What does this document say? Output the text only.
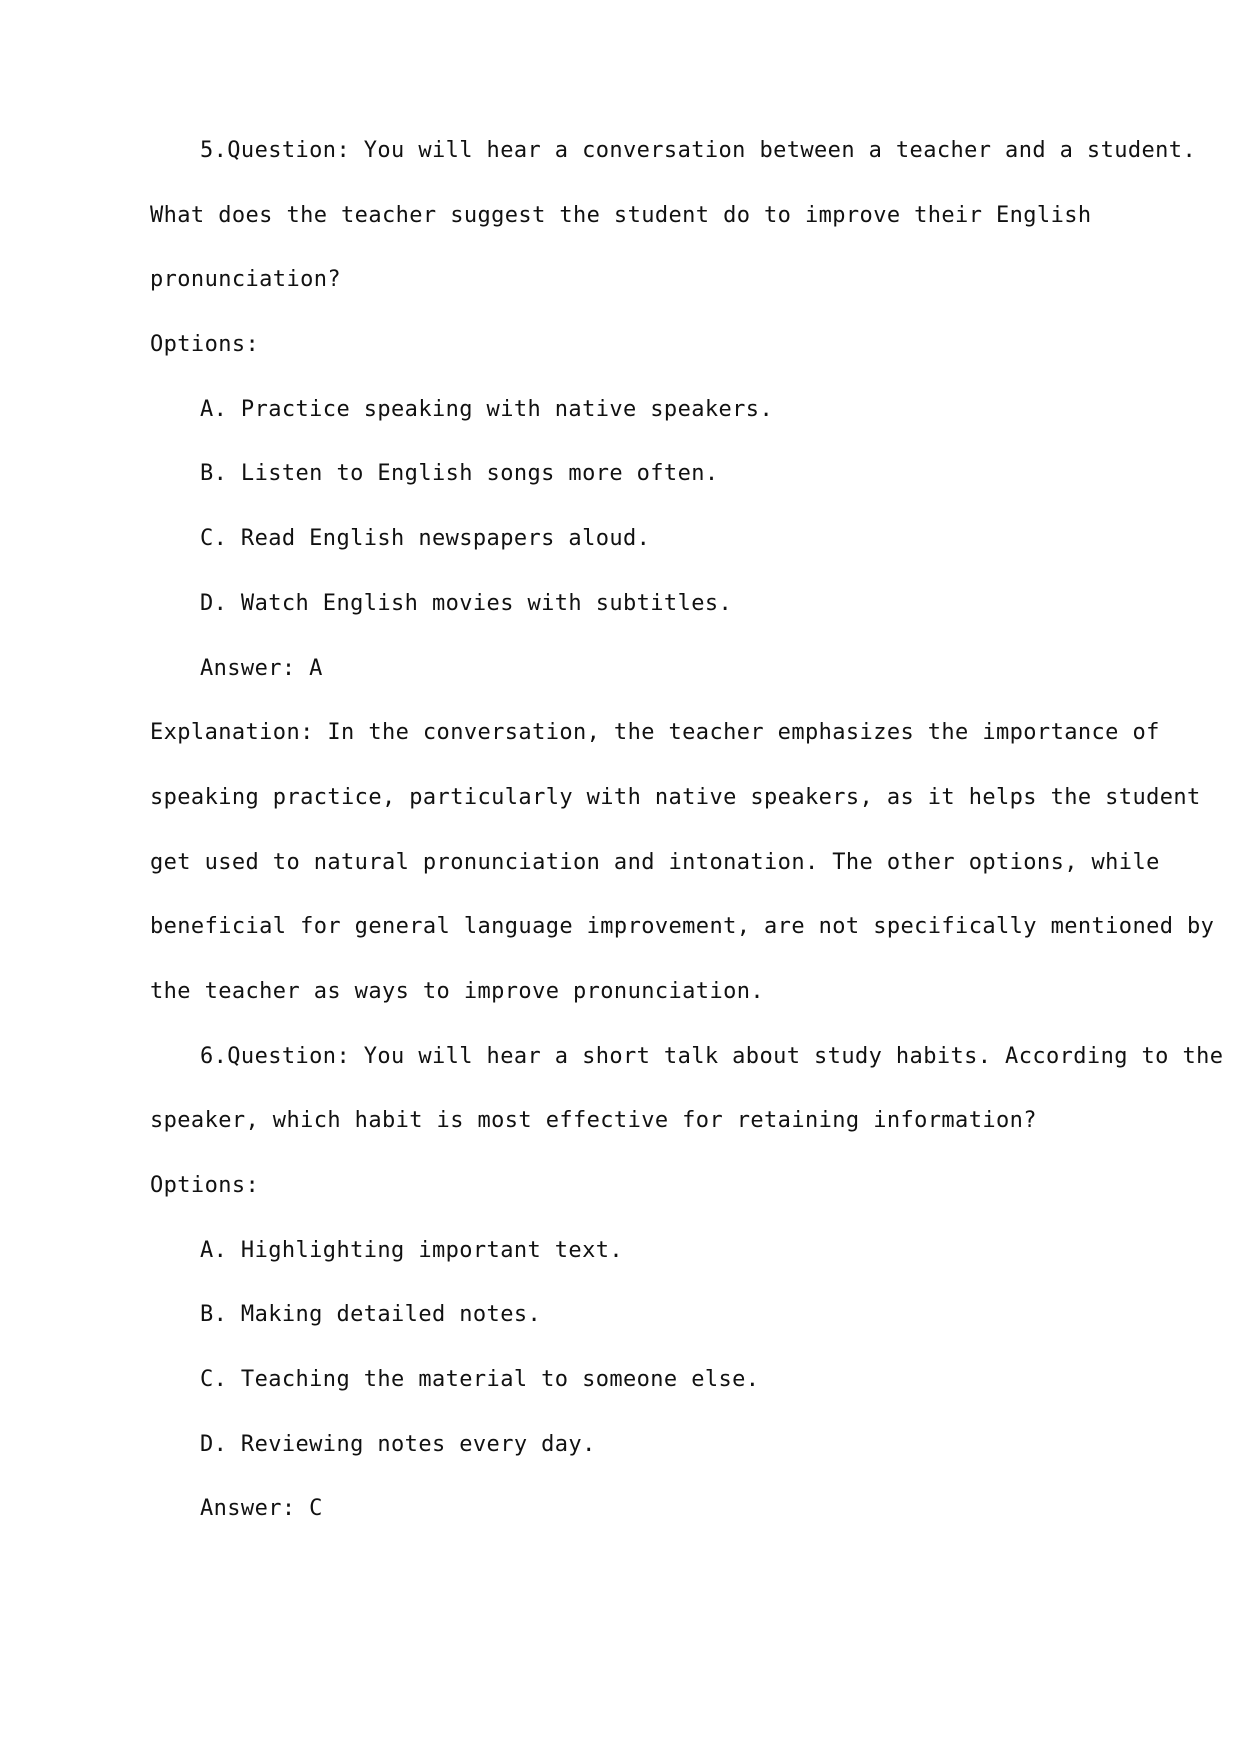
5.Question: You will hear a conversation between a teacher and a student.
What does the teacher suggest the student do to improve their English
pronunciation?
Options:
A. Practice speaking with native speakers.
B. Listen to English songs more often.
C. Read English newspapers aloud.
D. Watch English movies with subtitles.
Answer: A
Explanation: In the conversation, the teacher emphasizes the importance of
speaking practice, particularly with native speakers, as it helps the student
get used to natural pronunciation and intonation. The other options, while
beneficial for general language improvement, are not specifically mentioned by
the teacher as ways to improve pronunciation.
6.Question: You will hear a short talk about study habits. According to the
speaker, which habit is most effective for retaining information?
Options:
A. Highlighting important text.
B. Making detailed notes.
C. Teaching the material to someone else.
D. Reviewing notes every day.
Answer: C
